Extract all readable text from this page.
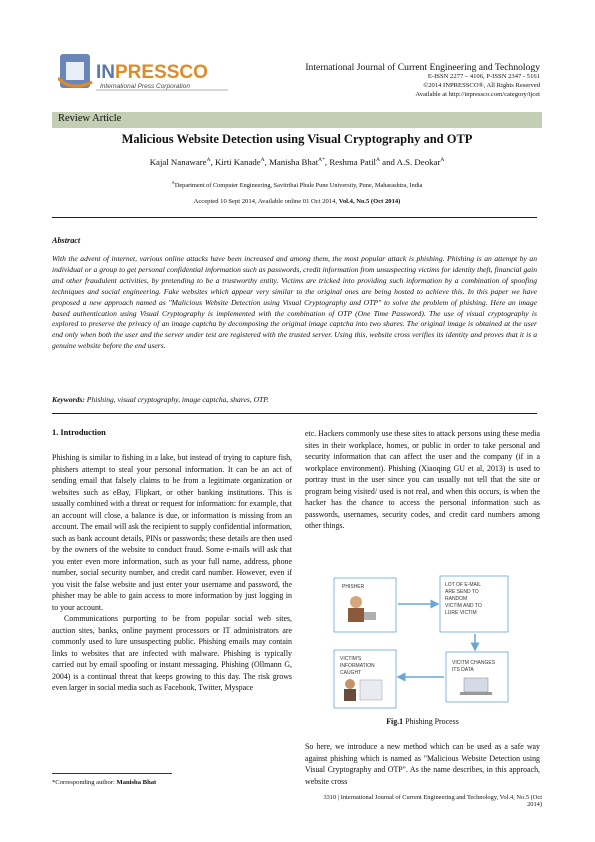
INPRESSCO
International Press Corporation
International Journal of Current Engineering and Technology
E-ISSN 2277 – 4106, P-ISSN 2347 - 5161
©2014 INPRESSCO®, All Rights Reserved
Available at http://inpressco.com/category/ijcet
Review Article
Malicious Website Detection using Visual Cryptography and OTP
Kajal Nanaware$^A$, Kirti Kanade$^A$, Manisha Bhat$^{A*}$, Reshma Patil$^A$ and A.S. Deokar$^A$
$^A$Department of Computer Engineering, Savitribai Phule Pune University, Pune, Maharashtra, India
Accepted 10 Sept 2014, Available online 01 Oct 2014, Vol.4, No.5 (Oct 2014)
Abstract
With the advent of internet, various online attacks have been increased and among them, the most popular attack is phishing. Phishing is an attempt by an individual or a group to get personal confidential information such as passwords, credit information from unsuspecting victims for identity theft, financial gain and other fraudulent activities, by pretending to be a trustworthy entity. Victims are tricked into providing such information by a combination of spoofing techniques and social engineering. Fake websites which appear very similar to the original ones are being hosted to achieve this. In this paper we have proposed a new approach named as "Malicious Website Detection using Visual Cryptography and OTP" to solve the problem of phishing. Here an image based authentication using Visual Cryptography is implemented with the combination of OTP (One Time Password). The use of visual cryptography is explored to preserve the privacy of an image captcha by decomposing the original image captcha into two shares. The original image is obtained at the user end only when both the user and the server under test are registered with the trusted server. Using this, website cross verifies its identity and proves that it is a genuine website before the end users.
Keywords: Phishing, visual cryptography, image captcha, shares, OTP.
1. Introduction

Phishing is similar to fishing in a lake, but instead of trying to capture fish, phishers attempt to steal your personal information. It can be an act of sending email that falsely claims to be from a legitimate organization or websites such as eBay, Flipkart, or other banking institutions. This is usually combined with a threat or request for information: for example, that an account will close, a balance is due, or information is missing from an account. The email will ask the recipient to supply confidential information, such as bank account details, PINs or passwords; these details are then used by the owners of the website to conduct fraud. Some e-mails will ask that you enter even more information, such as your full name, address, phone number, social security number, and credit card number. However, even if you visit the false website and just enter your username and password, the phisher may be able to gain access to more information by just logging in to your account.

Communications purporting to be from popular social web sites, auction sites, banks, online payment processors or IT administrators are commonly used to lure unsuspecting public. Phishing emails may contain links to websites that are infected with malware. Phishing is typically carried out by email spoofing or instant messaging. Phishing (Ollmann G, 2004) is a continual threat that keeps growing to this day. The risk grows even larger in social media such as Facebook, Twitter, Myspace

etc. Hackers commonly use these sites to attack persons using these media sites in their workplace, homes, or public in order to take personal and security information that can affect the user and the company (if in a workplace environment). Phishing (Xiaoqing GU et al, 2013) is used to portray trust in the user since you can usually not tell that the site or program being visited/ used is not real, and when this occurs, is when the hacker has the chance to access the personal information such as passwords, usernames, security codes, and credit card numbers among other things.

PHISHER	LOT OF E-MAIL ARE SEND TO RANDOM VICTIM AND TO LURE VICTIM
VICTIM'S INFORMATION CAUGHT
VICITM CHANGES ITS DATA
Fig.1 Phishing Process

So here, we introduce a new method which can be used as a safe way against phishing which is named as "Malicious Website Detection using Visual Cryptography and OTP". As the name describes, in this approach, website cross

*Corresponding author: Manisha Bhat
3310 | International Journal of Current Engineering and Technology, Vol.4, No.5 (Oct 2014)
